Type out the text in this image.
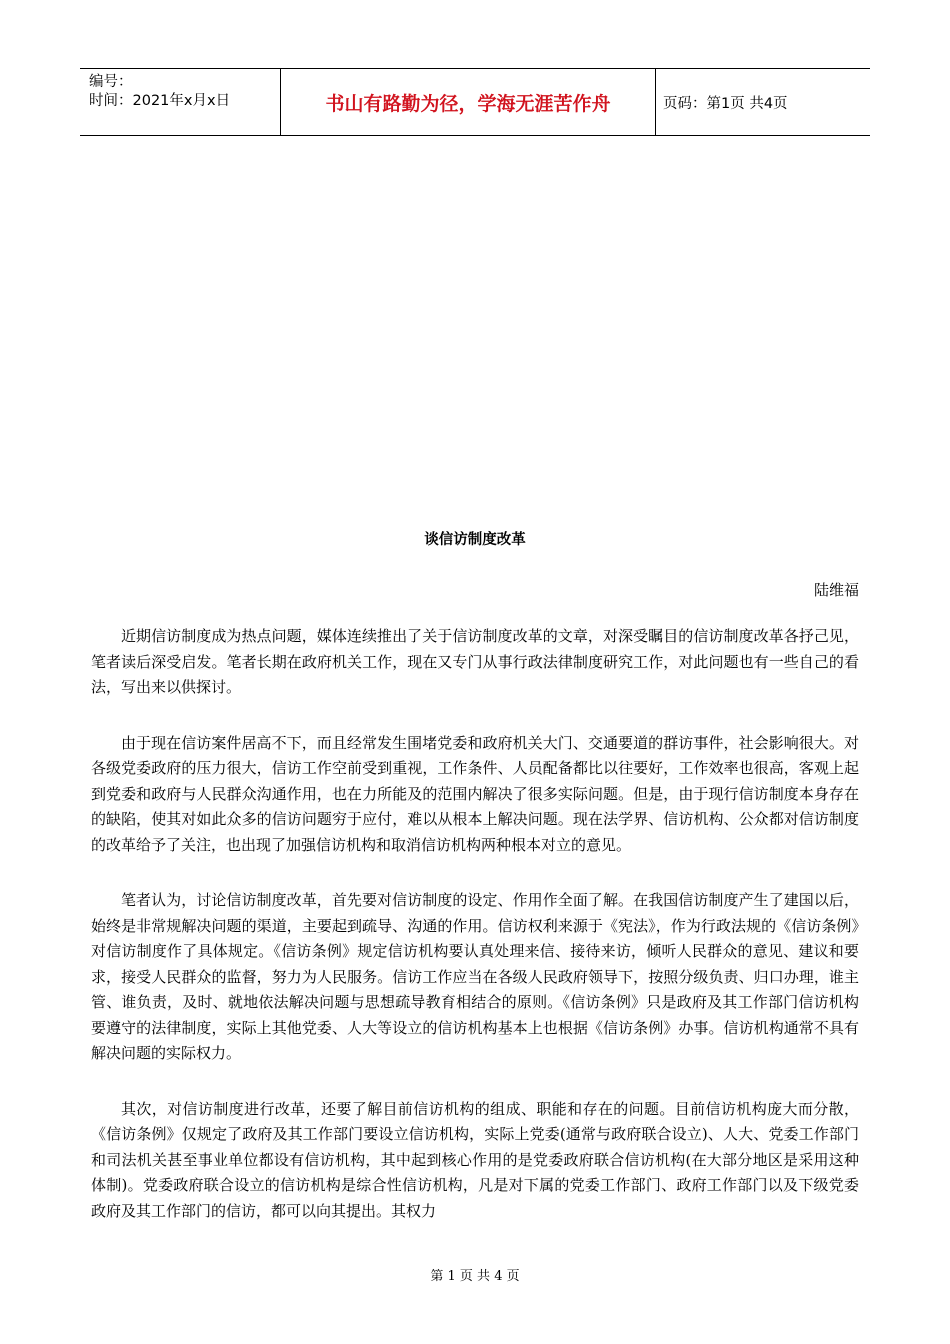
编号：
时间：2021年x月x日	书山有路勤为径，学海无涯苦作舟	页码：第1页 共4页
谈信访制度改革

陆维福

近期信访制度成为热点问题，媒体连续推出了关于信访制度改革的文章，对深受瞩目的信访制度改革各抒己见，笔者读后深受启发。笔者长期在政府机关工作，现在又专门从事行政法律制度研究工作，对此问题也有一些自己的看法，写出来以供探讨。

由于现在信访案件居高不下，而且经常发生围堵党委和政府机关大门、交通要道的群访事件，社会影响很大。对各级党委政府的压力很大，信访工作空前受到重视，工作条件、人员配备都比以往要好，工作效率也很高，客观上起到党委和政府与人民群众沟通作用，也在力所能及的范围内解决了很多实际问题。但是，由于现行信访制度本身存在的缺陷，使其对如此众多的信访问题穷于应付，难以从根本上解决问题。现在法学界、信访机构、公众都对信访制度的改革给予了关注，也出现了加强信访机构和取消信访机构两种根本对立的意见。

笔者认为，讨论信访制度改革，首先要对信访制度的设定、作用作全面了解。在我国信访制度产生了建国以后，始终是非常规解决问题的渠道，主要起到疏导、沟通的作用。信访权利来源于《宪法》，作为行政法规的《信访条例》对信访制度作了具体规定。《信访条例》规定信访机构要认真处理来信、接待来访，倾听人民群众的意见、建议和要求，接受人民群众的监督，努力为人民服务。信访工作应当在各级人民政府领导下，按照分级负责、归口办理，谁主管、谁负责，及时、就地依法解决问题与思想疏导教育相结合的原则。《信访条例》只是政府及其工作部门信访机构要遵守的法律制度，实际上其他党委、人大等设立的信访机构基本上也根据《信访条例》办事。信访机构通常不具有解决问题的实际权力。

其次，对信访制度进行改革，还要了解目前信访机构的组成、职能和存在的问题。目前信访机构庞大而分散，《信访条例》仅规定了政府及其工作部门要设立信访机构，实际上党委(通常与政府联合设立)、人大、党委工作部门和司法机关甚至事业单位都设有信访机构，其中起到核心作用的是党委政府联合信访机构(在大部分地区是采用这种体制)。党委政府联合设立的信访机构是综合性信访机构，凡是对下属的党委工作部门、政府工作部门以及下级党委政府及其工作部门的信访，都可以向其提出。其权力

第 1 页 共 4 页
